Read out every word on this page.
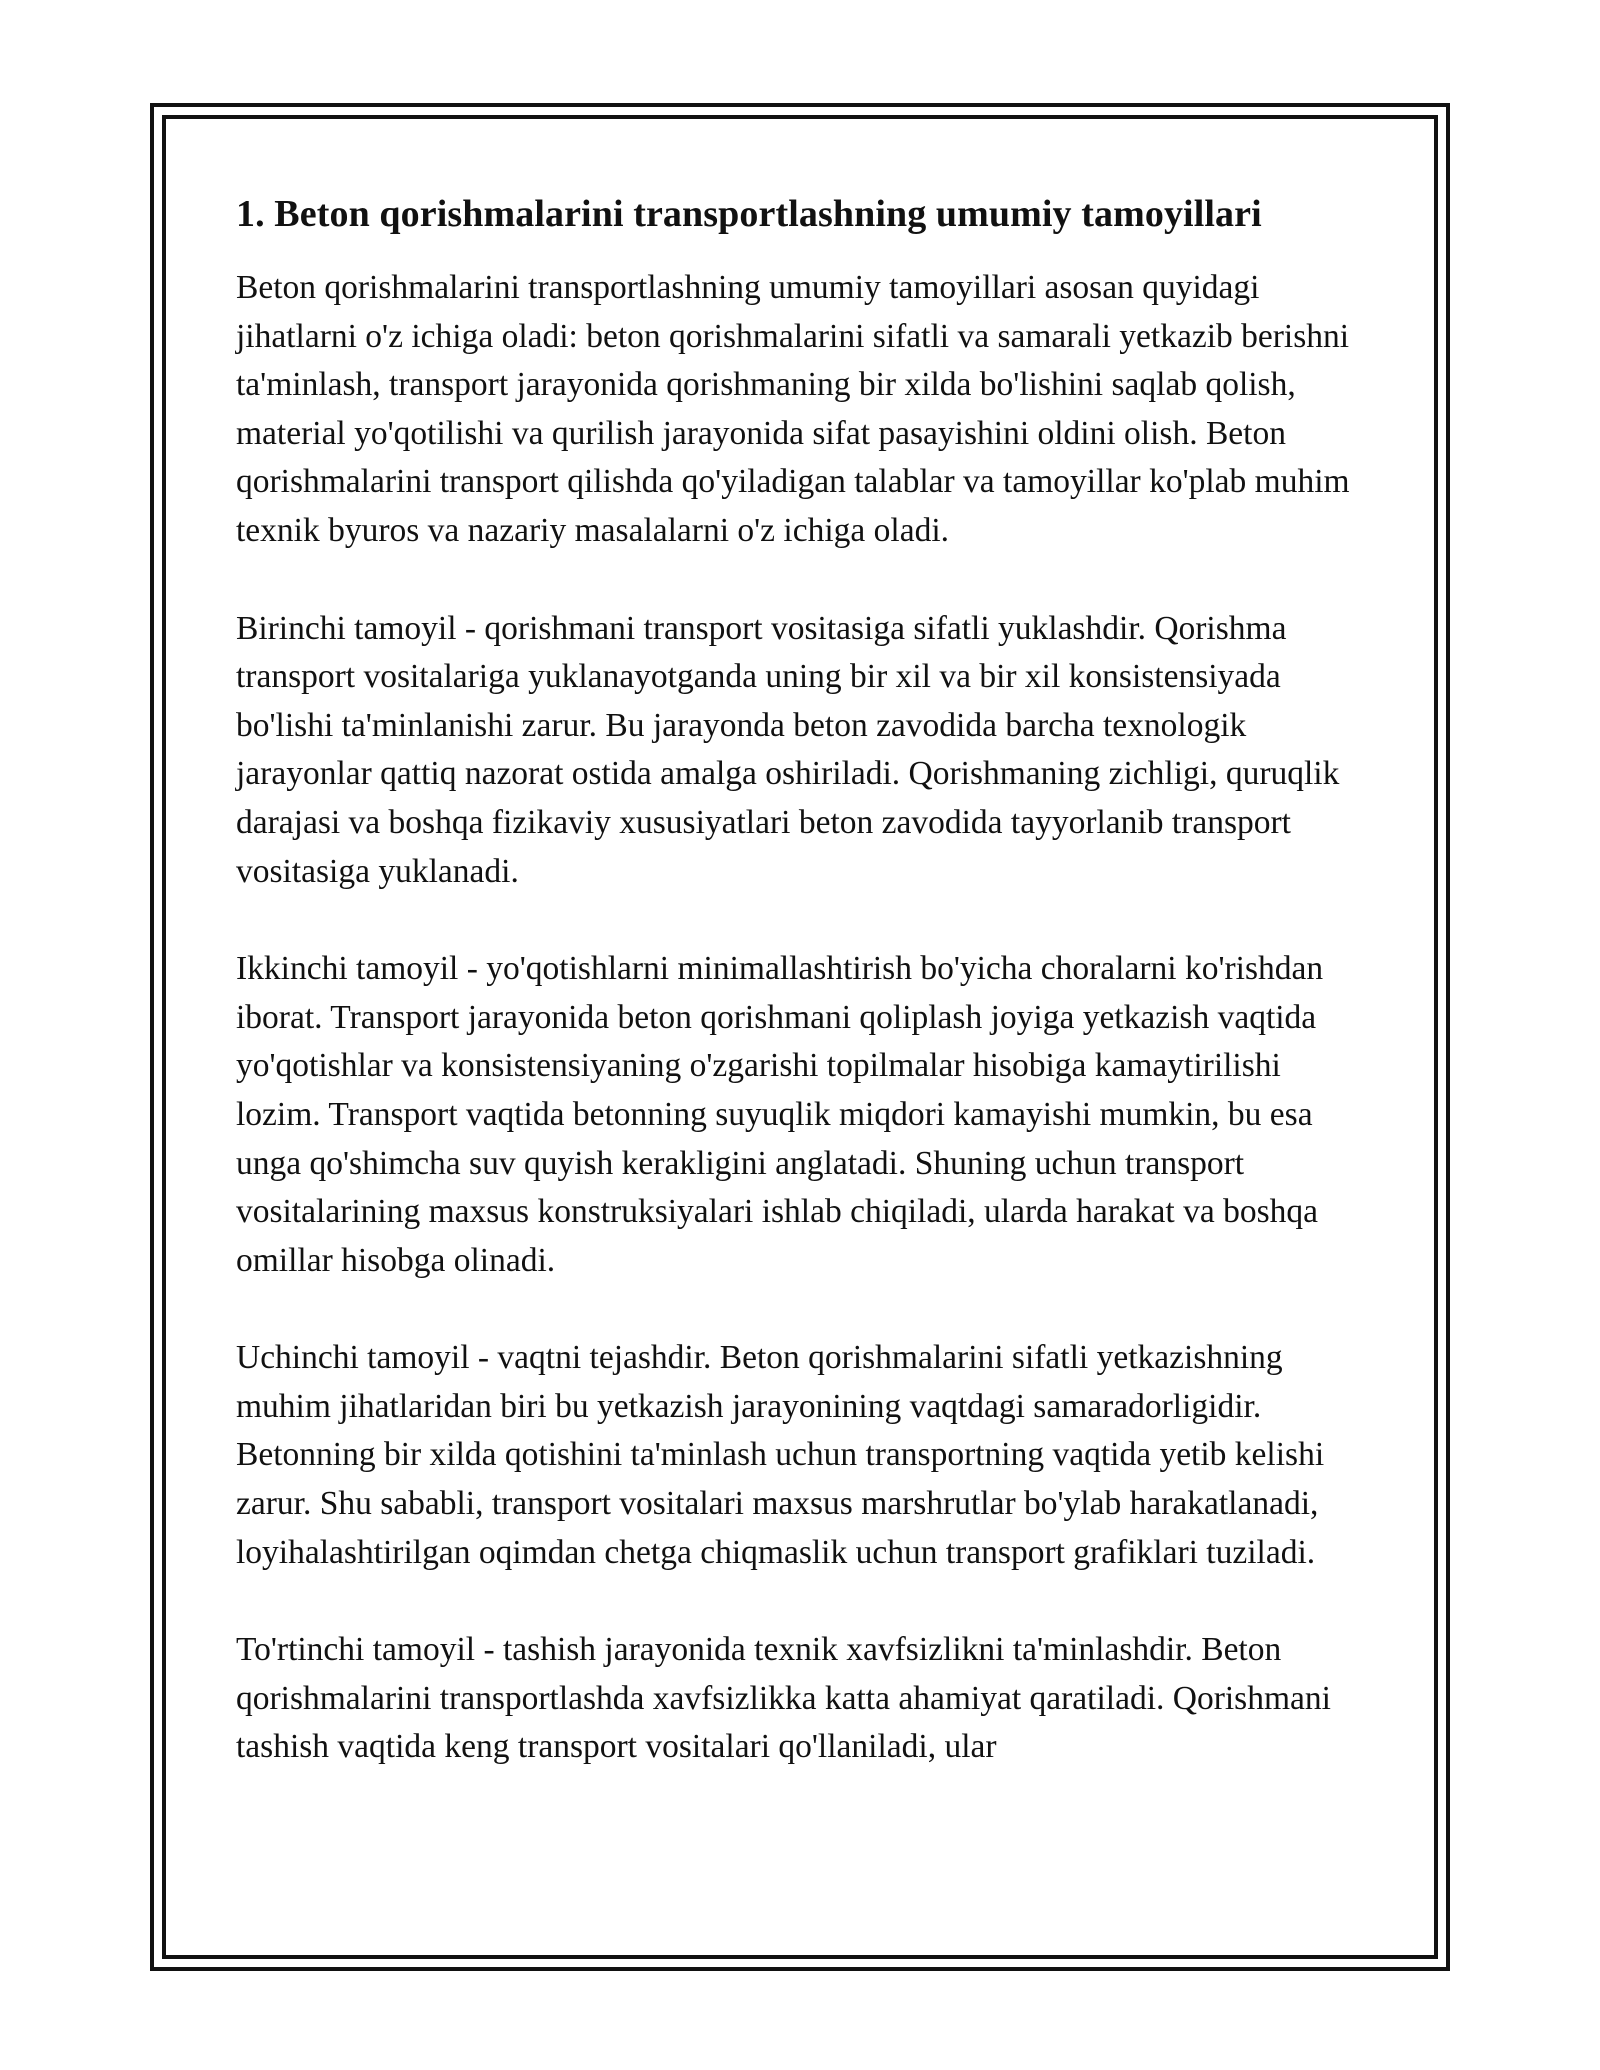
1. Beton qorishmalarini transportlashning umumiy tamoyillari

Beton qorishmalarini transportlashning umumiy tamoyillari asosan quyidagi jihatlarni o'z ichiga oladi: beton qorishmalarini sifatli va samarali yetkazib berishni ta'minlash, transport jarayonida qorishmaning bir xilda bo'lishini saqlab qolish, material yo'qotilishi va qurilish jarayonida sifat pasayishini oldini olish. Beton qorishmalarini transport qilishda qo'yiladigan talablar va tamoyillar ko'plab muhim texnik byuros va nazariy masalalarni o'z ichiga oladi.

Birinchi tamoyil - qorishmani transport vositasiga sifatli yuklashdir. Qorishma transport vositalariga yuklanayotganda uning bir xil va bir xil konsistensiyada bo'lishi ta'minlanishi zarur. Bu jarayonda beton zavodida barcha texnologik jarayonlar qattiq nazorat ostida amalga oshiriladi. Qorishmaning zichligi, quruqlik darajasi va boshqa fizikaviy xususiyatlari beton zavodida tayyorlanib transport vositasiga yuklanadi.

Ikkinchi tamoyil - yo'qotishlarni minimallashtirish bo'yicha choralarni ko'rishdan iborat. Transport jarayonida beton qorishmani qoliplash joyiga yetkazish vaqtida yo'qotishlar va konsistensiyaning o'zgarishi topilmalar hisobiga kamaytirilishi lozim. Transport vaqtida betonning suyuqlik miqdori kamayishi mumkin, bu esa unga qo'shimcha suv quyish kerakligini anglatadi. Shuning uchun transport vositalarining maxsus konstruksiyalari ishlab chiqiladi, ularda harakat va boshqa omillar hisobga olinadi.

Uchinchi tamoyil - vaqtni tejashdir. Beton qorishmalarini sifatli yetkazishning muhim jihatlaridan biri bu yetkazish jarayonining vaqtdagi samaradorligidir. Betonning bir xilda qotishini ta'minlash uchun transportning vaqtida yetib kelishi zarur. Shu sababli, transport vositalari maxsus marshrutlar bo'ylab harakatlanadi, loyihalashtirilgan oqimdan chetga chiqmaslik uchun transport grafiklari tuziladi.

To'rtinchi tamoyil - tashish jarayonida texnik xavfsizlikni ta'minlashdir. Beton qorishmalarini transportlashda xavfsizlikka katta ahamiyat qaratiladi. Qorishmani tashish vaqtida keng transport vositalari qo'llaniladi, ular
